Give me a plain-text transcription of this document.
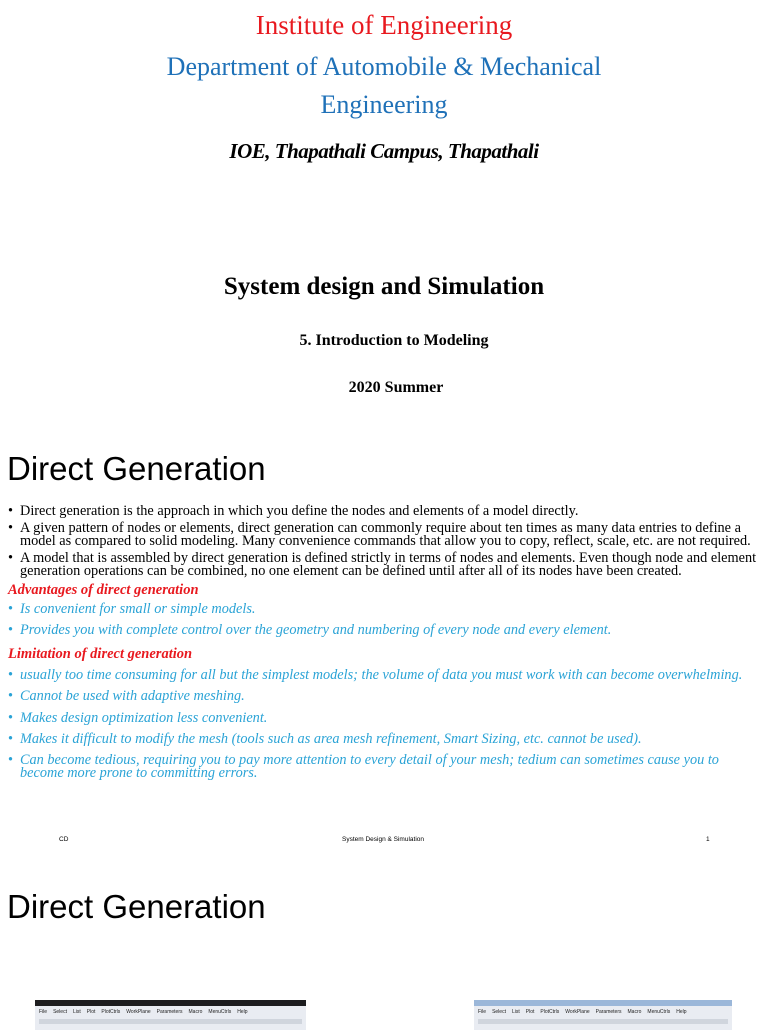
Institute of Engineering
Department of Automobile & Mechanical
Engineering
IOE, Thapathali Campus, Thapathali
System design and Simulation
5. Introduction to Modeling
2020 Summer
Direct Generation

• Direct generation is the approach in which you define the nodes and elements of a model directly.

• A given pattern of nodes or elements, direct generation can commonly require about ten times as many data entries to define a model as compared to solid modeling. Many convenience commands that allow you to copy, reflect, scale, etc. are not required.

• A model that is assembled by direct generation is defined strictly in terms of nodes and elements. Even though node and element generation operations can be combined, no one element can be defined until after all of its nodes have been created.

Advantages of direct generation

• Is convenient for small or simple models.

• Provides you with complete control over the geometry and numbering of every node and every element.

Limitation of direct generation

• usually too time consuming for all but the simplest models; the volume of data you must work with can become overwhelming.

• Cannot be used with adaptive meshing.

• Makes design optimization less convenient.

• Makes it difficult to modify the mesh (tools such as area mesh refinement, Smart Sizing, etc. cannot be used).

• Can become tedious, requiring you to pay more attention to every detail of your mesh; tedium can sometimes cause you to become more prone to committing errors.

CD	System Design & Simulation	1
Direct Generation
File Select List Plot PlotCtrls WorkPlane Parameters Macro MenuCtrls Help	File Select List Plot PlotCtrls WorkPlane Parameters Macro MenuCtrls Help
